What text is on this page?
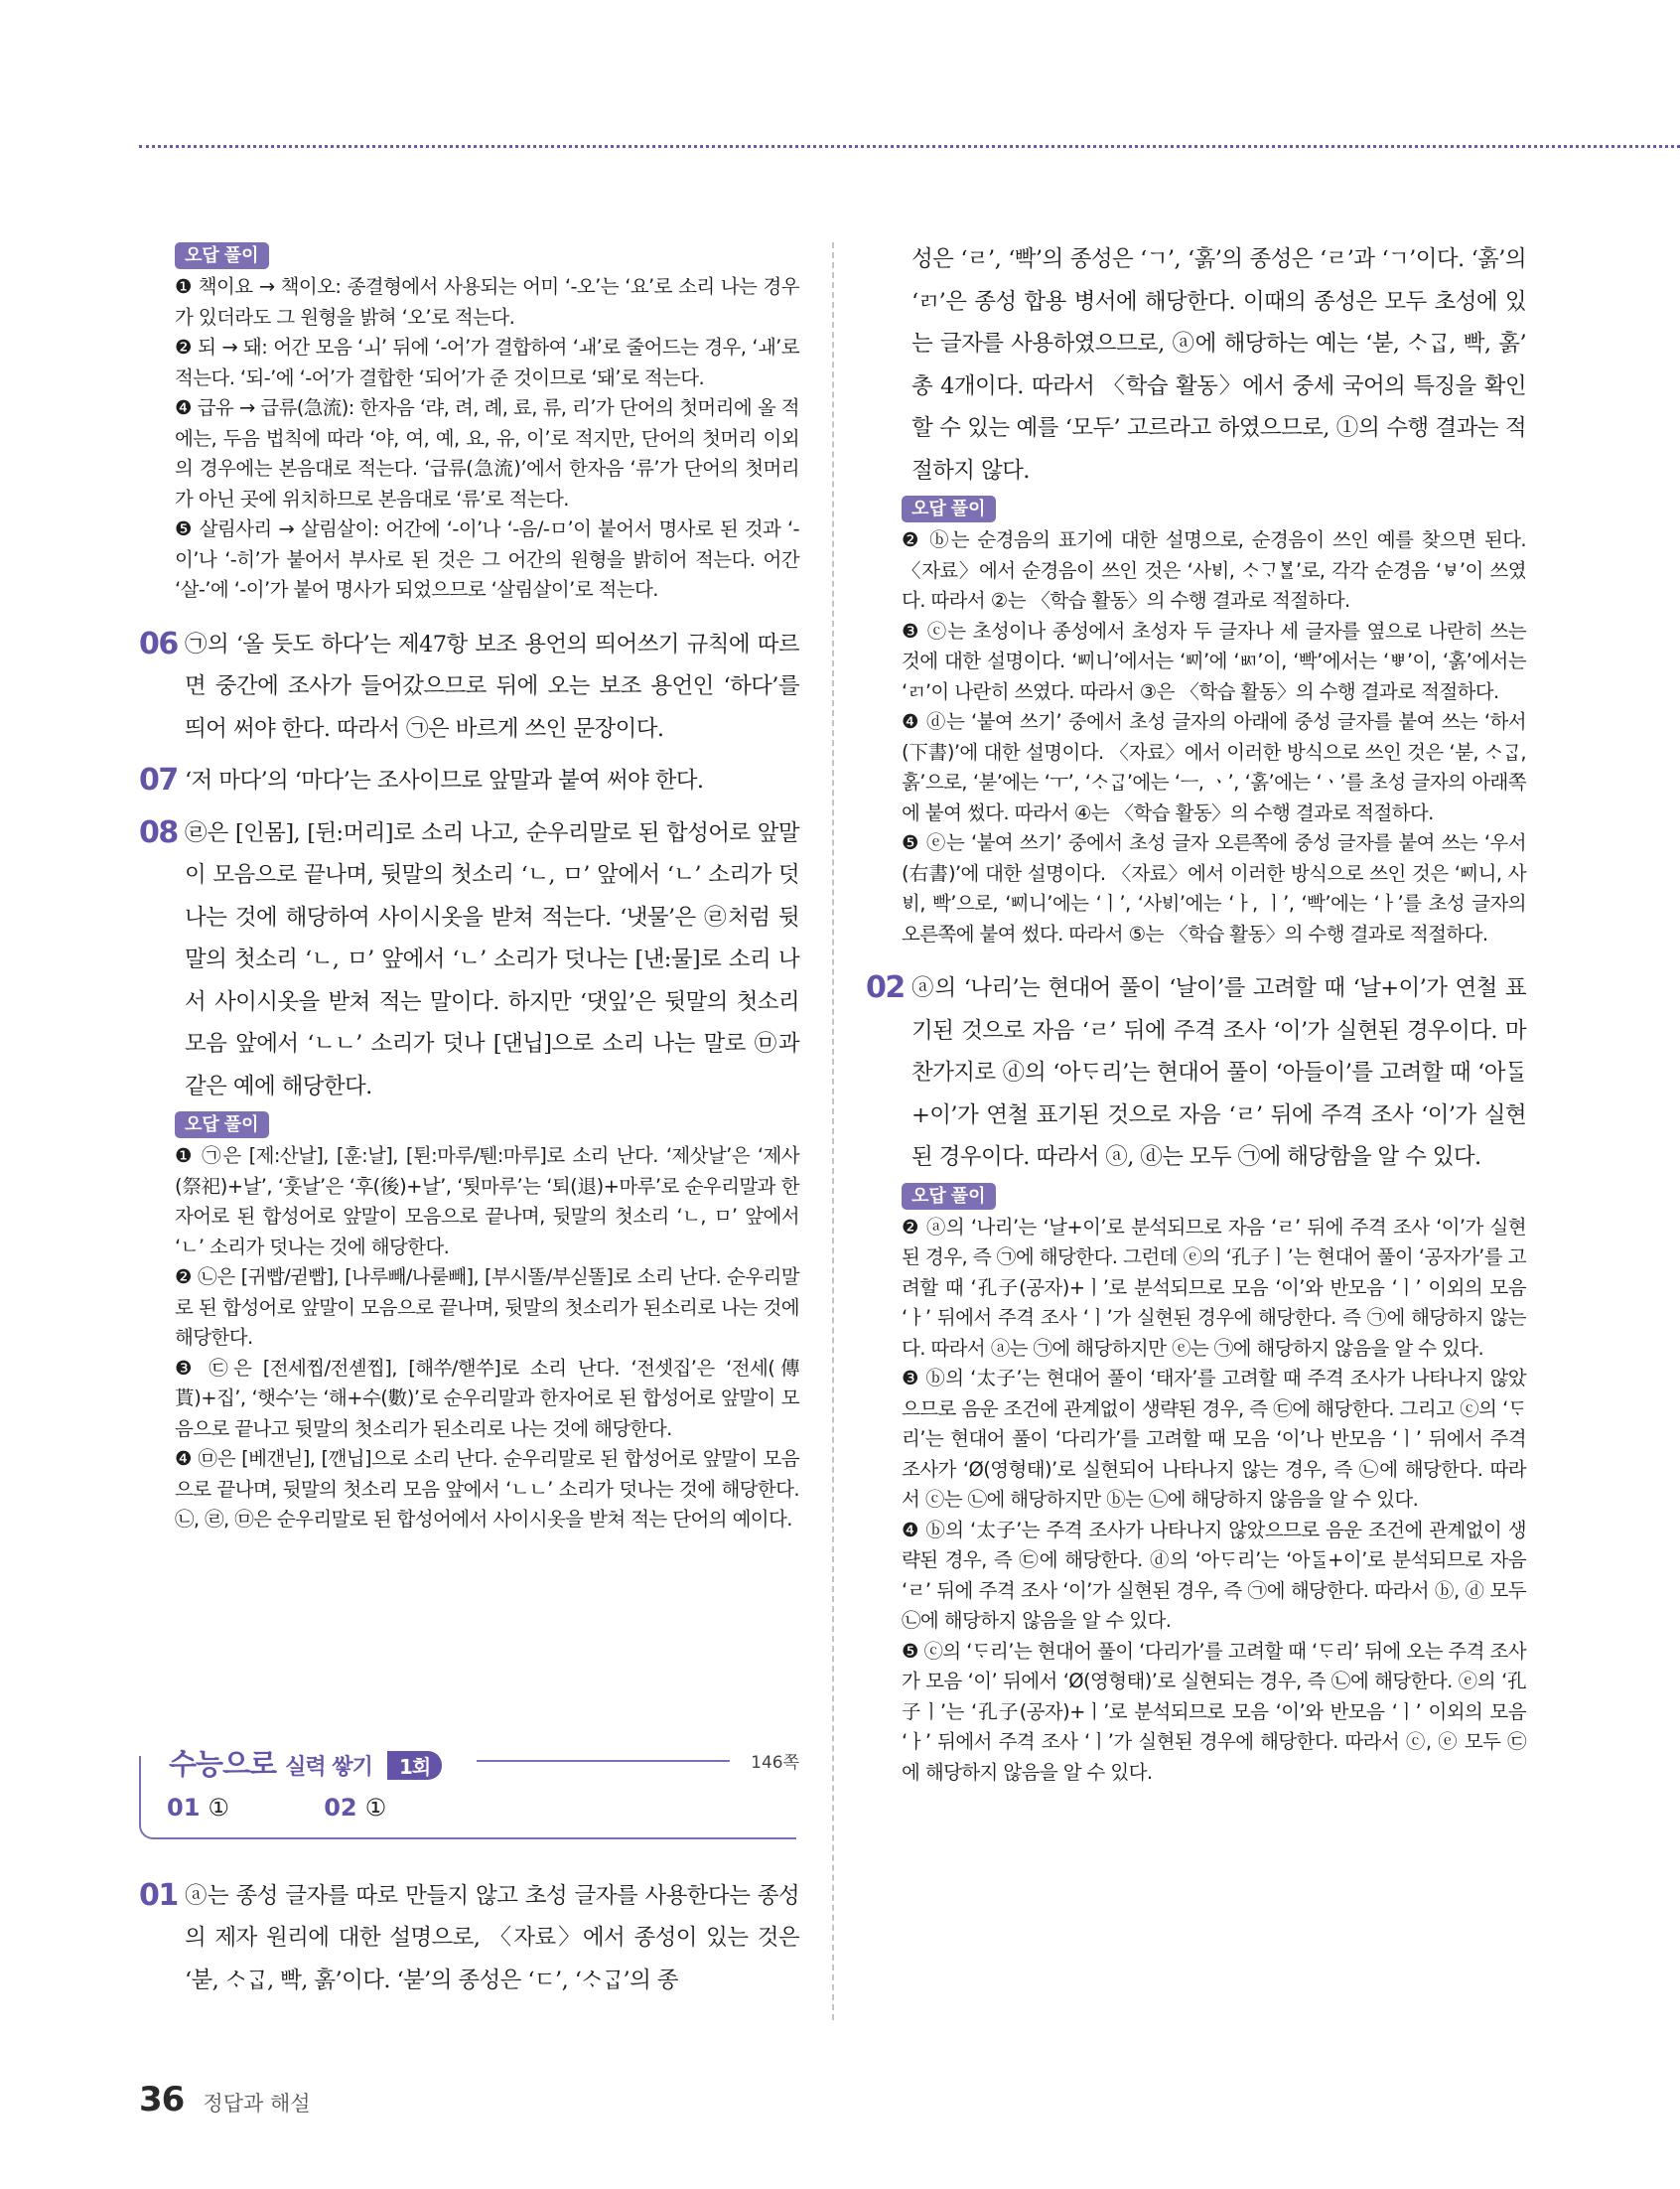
오답 풀이

❶ 책이요 → 책이오: 종결형에서 사용되는 어미 ‘-오’는 ‘요’로 소리 나는 경우가 있더라도 그 원형을 밝혀 ‘오’로 적는다.

❷ 되 → 돼: 어간 모음 ‘ㅚ’ 뒤에 ‘-어’가 결합하여 ‘ㅙ’로 줄어드는 경우, ‘ㅙ’로 적는다. ‘되-’에 ‘-어’가 결합한 ‘되어’가 준 것이므로 ‘돼’로 적는다.

❹ 급유 → 급류(急流): 한자음 ‘랴, 려, 례, 료, 류, 리’가 단어의 첫머리에 올 적에는, 두음 법칙에 따라 ‘야, 여, 예, 요, 유, 이’로 적지만, 단어의 첫머리 이외의 경우에는 본음대로 적는다. ‘급류(急流)’에서 한자음 ‘류’가 단어의 첫머리가 아닌 곳에 위치하므로 본음대로 ‘류’로 적는다.

❺ 살림사리 → 살림살이: 어간에 ‘-이’나 ‘-음/-ㅁ’이 붙어서 명사로 된 것과 ‘-이’나 ‘-히’가 붙어서 부사로 된 것은 그 어간의 원형을 밝히어 적는다. 어간 ‘살-’에 ‘-이’가 붙어 명사가 되었으므로 ‘살림살이’로 적는다.

06 ㉠의 ‘올 듯도 하다’는 제47항 보조 용언의 띄어쓰기 규칙에 따르면 중간에 조사가 들어갔으므로 뒤에 오는 보조 용언인 ‘하다’를 띄어 써야 한다. 따라서 ㉠은 바르게 쓰인 문장이다.

07 ‘저 마다’의 ‘마다’는 조사이므로 앞말과 붙여 써야 한다.

08 ㉣은 [인몸], [뒨:머리]로 소리 나고, 순우리말로 된 합성어로 앞말이 모음으로 끝나며, 뒷말의 첫소리 ‘ㄴ, ㅁ’ 앞에서 ‘ㄴ’ 소리가 덧나는 것에 해당하여 사이시옷을 받쳐 적는다. ‘냇물’은 ㉣처럼 뒷말의 첫소리 ‘ㄴ, ㅁ’ 앞에서 ‘ㄴ’ 소리가 덧나는 [낸:물]로 소리 나서 사이시옷을 받쳐 적는 말이다. 하지만 ‘댓잎’은 뒷말의 첫소리 모음 앞에서 ‘ㄴㄴ’ 소리가 덧나 [댄닙]으로 소리 나는 말로 ㉤과 같은 예에 해당한다.

오답 풀이

❶ ㉠은 [제:산날], [훈:날], [퇸:마루/퉨:마루]로 소리 난다. ‘제삿날’은 ‘제사(祭祀)+날’, ‘훗날’은 ‘후(後)+날’, ‘툇마루’는 ‘퇴(退)+마루’로 순우리말과 한자어로 된 합성어로 앞말이 모음으로 끝나며, 뒷말의 첫소리 ‘ㄴ, ㅁ’ 앞에서 ‘ㄴ’ 소리가 덧나는 것에 해당한다.

❷ ㉡은 [귀빱/귇빱], [나루빼/나룯빼], [부시똘/부싣똘]로 소리 난다. 순우리말로 된 합성어로 앞말이 모음으로 끝나며, 뒷말의 첫소리가 된소리로 나는 것에 해당한다.

❸ ㉢은 [전세찝/전셷찝], [해쑤/핻쑤]로 소리 난다. ‘전셋집’은 ‘전세(傳貰)+집’, ‘햇수’는 ‘해+수(數)’로 순우리말과 한자어로 된 합성어로 앞말이 모음으로 끝나고 뒷말의 첫소리가 된소리로 나는 것에 해당한다.

❹ ㉤은 [베갠닏], [깬닙]으로 소리 난다. 순우리말로 된 합성어로 앞말이 모음으로 끝나며, 뒷말의 첫소리 모음 앞에서 ‘ㄴㄴ’ 소리가 덧나는 것에 해당한다. ㉡, ㉣, ㉤은 순우리말로 된 합성어에서 사이시옷을 받쳐 적는 단어의 예이다.

수능으로 실력 쌓기 1회	146쪽
01 ①	02 ①

01 ⓐ는 종성 글자를 따로 만들지 않고 초성 글자를 사용한다는 종성의 제자 원리에 대한 설명으로, 〈자료〉에서 종성이 있는 것은 ‘붇, ᄉᆞᄀᆞᆸ, 빡, 홁’이다. ‘붇’의 종성은 ‘ㄷ’, ‘ᄉᆞᄀᆞᆸ’의 종

성은 ‘ㄹ’, ‘빡’의 종성은 ‘ㄱ’, ‘홁’의 종성은 ‘ㄹ’과 ‘ㄱ’이다. ‘홁’의 ‘ㄺ’은 종성 합용 병서에 해당한다. 이때의 종성은 모두 초성에 있는 글자를 사용하였으므로, ⓐ에 해당하는 예는 ‘붇, ᄉᆞᄀᆞᆸ, 빡, 홁’ 총 4개이다. 따라서 〈학습 활동〉에서 중세 국어의 특징을 확인할 수 있는 예를 ‘모두’ 고르라고 하였으므로, ①의 수행 결과는 적절하지 않다.

오답 풀이

❷ ⓑ는 순경음의 표기에 대한 설명으로, 순경음이 쓰인 예를 찾으면 된다. 〈자료〉에서 순경음이 쓰인 것은 ‘사ᄫᅵ, ᄉᆞᄀᆞᄫᆞᆯ’로, 각각 순경음 ‘ㅸ’이 쓰였다. 따라서 ②는 〈학습 활동〉의 수행 결과로 적절하다.

❸ ⓒ는 초성이나 종성에서 초성자 두 글자나 세 글자를 옆으로 나란히 쓰는 것에 대한 설명이다. ‘ᄢᅵ니’에서는 ‘ᄢᅵ’에 ‘ㅴ’이, ‘빡’에서는 ‘ㅹ’이, ‘홁’에서는 ‘ㄺ’이 나란히 쓰였다. 따라서 ③은 〈학습 활동〉의 수행 결과로 적절하다.

❹ ⓓ는 ‘붙여 쓰기’ 중에서 초성 글자의 아래에 중성 글자를 붙여 쓰는 ‘하서(下書)’에 대한 설명이다. 〈자료〉에서 이러한 방식으로 쓰인 것은 ‘붇, ᄉᆞᄀᆞᆸ, 홁’으로, ‘붇’에는 ‘ㅜ’, ‘ᄉᆞᄀᆞᆸ’에는 ‘ㅡ, ㆍ’, ‘홁’에는 ‘ㆍ’를 초성 글자의 아래쪽에 붙여 썼다. 따라서 ④는 〈학습 활동〉의 수행 결과로 적절하다.

❺ ⓔ는 ‘붙여 쓰기’ 중에서 초성 글자 오른쪽에 중성 글자를 붙여 쓰는 ‘우서(右書)’에 대한 설명이다. 〈자료〉에서 이러한 방식으로 쓰인 것은 ‘ᄢᅵ니, 사ᄫᅵ, 빡’으로, ‘ᄢᅵ니’에는 ‘ㅣ’, ‘사ᄫᅵ’에는 ‘ㅏ, ㅣ’, ‘빡’에는 ‘ㅏ’를 초성 글자의 오른쪽에 붙여 썼다. 따라서 ⑤는 〈학습 활동〉의 수행 결과로 적절하다.

02 ⓐ의 ‘나리’는 현대어 풀이 ‘날이’를 고려할 때 ‘날+이’가 연철 표기된 것으로 자음 ‘ㄹ’ 뒤에 주격 조사 ‘이’가 실현된 경우이다. 마찬가지로 ⓓ의 ‘아ᄃᆞ리’는 현대어 풀이 ‘아들이’를 고려할 때 ‘아ᄃᆞᆯ+이’가 연철 표기된 것으로 자음 ‘ㄹ’ 뒤에 주격 조사 ‘이’가 실현된 경우이다. 따라서 ⓐ, ⓓ는 모두 ㉠에 해당함을 알 수 있다.

오답 풀이

❷ ⓐ의 ‘나리’는 ‘날+이’로 분석되므로 자음 ‘ㄹ’ 뒤에 주격 조사 ‘이’가 실현된 경우, 즉 ㉠에 해당한다. 그런데 ⓔ의 ‘孔子ㅣ’는 현대어 풀이 ‘공자가’를 고려할 때 ‘孔子(공자)+ㅣ’로 분석되므로 모음 ‘이’와 반모음 ‘ㅣ’ 이외의 모음 ‘ㅏ’ 뒤에서 주격 조사 ‘ㅣ’가 실현된 경우에 해당한다. 즉 ㉠에 해당하지 않는다. 따라서 ⓐ는 ㉠에 해당하지만 ⓔ는 ㉠에 해당하지 않음을 알 수 있다.

❸ ⓑ의 ‘太子’는 현대어 풀이 ‘태자’를 고려할 때 주격 조사가 나타나지 않았으므로 음운 조건에 관계없이 생략된 경우, 즉 ㉢에 해당한다. 그리고 ⓒ의 ‘ᄃᆞ리’는 현대어 풀이 ‘다리가’를 고려할 때 모음 ‘이’나 반모음 ‘ㅣ’ 뒤에서 주격 조사가 ‘Ø(영형태)’로 실현되어 나타나지 않는 경우, 즉 ㉡에 해당한다. 따라서 ⓒ는 ㉡에 해당하지만 ⓑ는 ㉡에 해당하지 않음을 알 수 있다.

❹ ⓑ의 ‘太子’는 주격 조사가 나타나지 않았으므로 음운 조건에 관계없이 생략된 경우, 즉 ㉢에 해당한다. ⓓ의 ‘아ᄃᆞ리’는 ‘아ᄃᆞᆯ+이’로 분석되므로 자음 ‘ㄹ’ 뒤에 주격 조사 ‘이’가 실현된 경우, 즉 ㉠에 해당한다. 따라서 ⓑ, ⓓ 모두 ㉡에 해당하지 않음을 알 수 있다.

❺ ⓒ의 ‘ᄃᆞ리’는 현대어 풀이 ‘다리가’를 고려할 때 ‘ᄃᆞ리’ 뒤에 오는 주격 조사가 모음 ‘이’ 뒤에서 ‘Ø(영형태)’로 실현되는 경우, 즉 ㉡에 해당한다. ⓔ의 ‘孔子ㅣ’는 ‘孔子(공자)+ㅣ’로 분석되므로 모음 ‘이’와 반모음 ‘ㅣ’ 이외의 모음 ‘ㅏ’ 뒤에서 주격 조사 ‘ㅣ’가 실현된 경우에 해당한다. 따라서 ⓒ, ⓔ 모두 ㉢에 해당하지 않음을 알 수 있다.

36 정답과 해설
